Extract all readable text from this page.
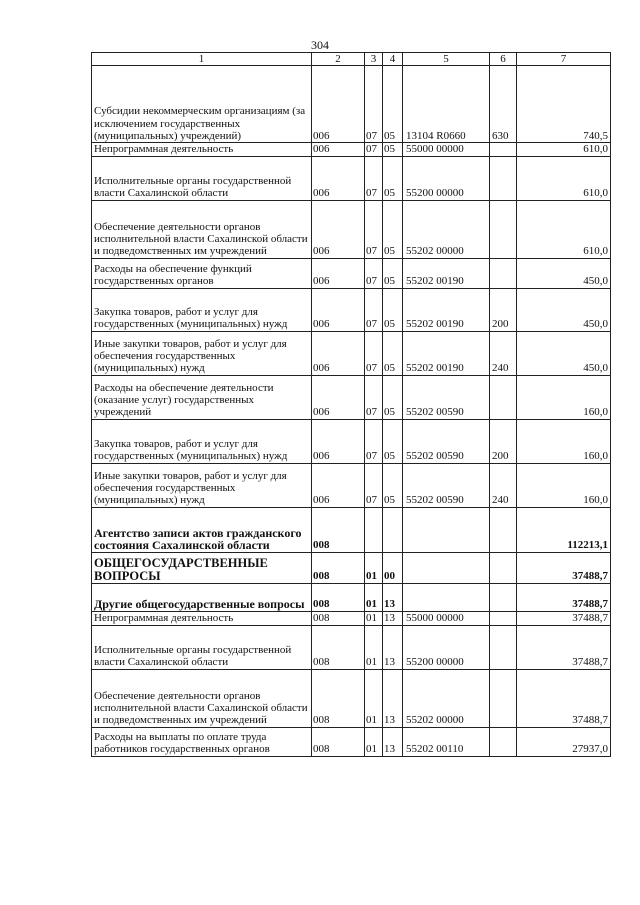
304
1	2	3	4	5	6	7
Субсидии некоммерческим организациям (за исключением государственных (муниципальных) учреждений)	006	07	05	13104 R0660	630	740,5
Непрограммная деятельность	006	07	05	55000 00000		610,0
Исполнительные органы государственной власти Сахалинской области	006	07	05	55200 00000		610,0
Обеспечение деятельности органов исполнительной власти Сахалинской области и подведомственных им учреждений	006	07	05	55202 00000		610,0
Расходы на обеспечение функций государственных органов	006	07	05	55202 00190		450,0
Закупка товаров, работ и услуг для государственных (муниципальных) нужд	006	07	05	55202 00190	200	450,0
Иные закупки товаров, работ и услуг для обеспечения государственных (муниципальных) нужд	006	07	05	55202 00190	240	450,0
Расходы на обеспечение деятельности (оказание услуг) государственных учреждений	006	07	05	55202 00590		160,0
Закупка товаров, работ и услуг для государственных (муниципальных) нужд	006	07	05	55202 00590	200	160,0
Иные закупки товаров, работ и услуг для обеспечения государственных (муниципальных) нужд	006	07	05	55202 00590	240	160,0
Агентство записи актов гражданского состояния Сахалинской области	008					112213,1
ОБЩЕГОСУДАРСТВЕННЫЕ ВОПРОСЫ	008	01	00			37488,7
Другие общегосударственные вопросы	008	01	13			37488,7
Непрограммная деятельность	008	01	13	55000 00000		37488,7
Исполнительные органы государственной власти Сахалинской области	008	01	13	55200 00000		37488,7
Обеспечение деятельности органов исполнительной власти Сахалинской области и подведомственных им учреждений	008	01	13	55202 00000		37488,7
Расходы на выплаты по оплате труда работников государственных органов	008	01	13	55202 00110		27937,0
